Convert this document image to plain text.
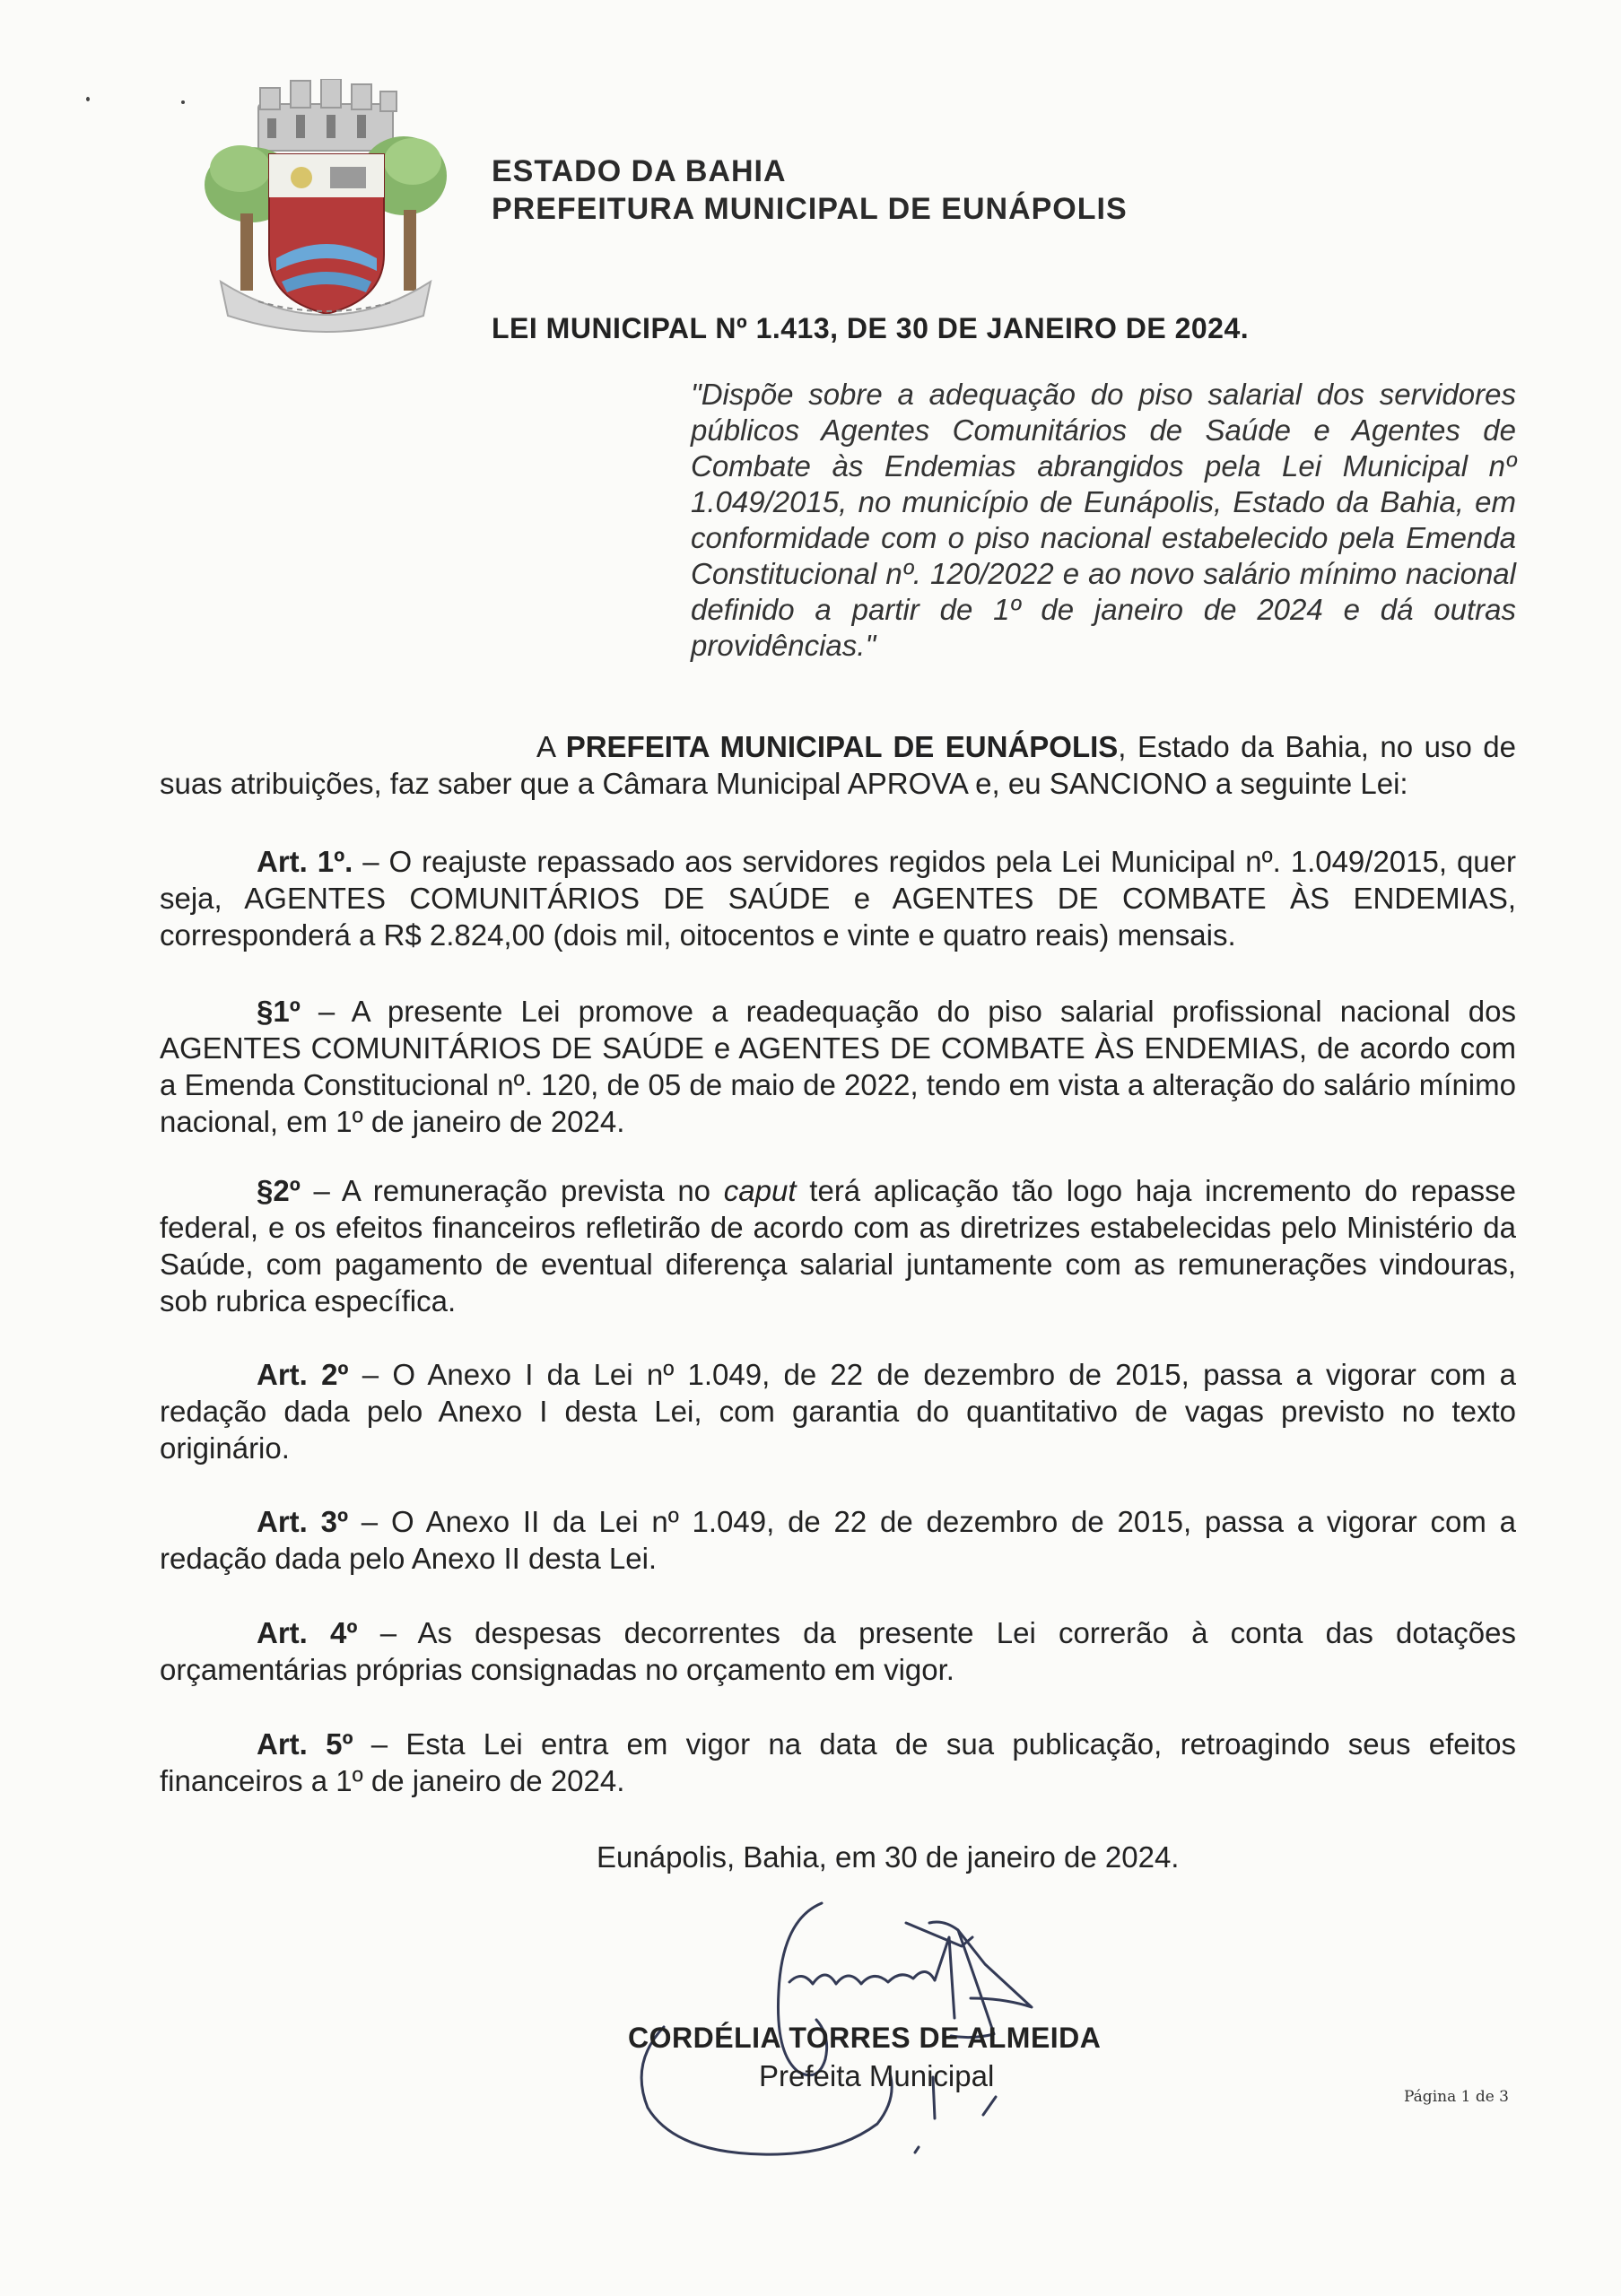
ESTADO DA BAHIA
PREFEITURA MUNICIPAL DE EUNÁPOLIS
LEI MUNICIPAL Nº 1.413, DE 30 DE JANEIRO DE 2024.
"Dispõe sobre a adequação do piso salarial dos servidores públicos Agentes Comunitários de Saúde e Agentes de Combate às Endemias abrangidos pela Lei Municipal nº 1.049/2015, no município de Eunápolis, Estado da Bahia, em conformidade com o piso nacional estabelecido pela Emenda Constitucional nº. 120/2022 e ao novo salário mínimo nacional definido a partir de 1º de janeiro de 2024 e dá outras providências."
A PREFEITA MUNICIPAL DE EUNÁPOLIS, Estado da Bahia, no uso de suas atribuições, faz saber que a Câmara Municipal APROVA e, eu SANCIONO a seguinte Lei:
Art. 1º. – O reajuste repassado aos servidores regidos pela Lei Municipal nº. 1.049/2015, quer seja, AGENTES COMUNITÁRIOS DE SAÚDE e AGENTES DE COMBATE ÀS ENDEMIAS, corresponderá a R$ 2.824,00 (dois mil, oitocentos e vinte e quatro reais) mensais.
§1º – A presente Lei promove a readequação do piso salarial profissional nacional dos AGENTES COMUNITÁRIOS DE SAÚDE e AGENTES DE COMBATE ÀS ENDEMIAS, de acordo com a Emenda Constitucional nº. 120, de 05 de maio de 2022, tendo em vista a alteração do salário mínimo nacional, em 1º de janeiro de 2024.
§2º – A remuneração prevista no caput terá aplicação tão logo haja incremento do repasse federal, e os efeitos financeiros refletirão de acordo com as diretrizes estabelecidas pelo Ministério da Saúde, com pagamento de eventual diferença salarial juntamente com as remunerações vindouras, sob rubrica específica.
Art. 2º – O Anexo I da Lei nº 1.049, de 22 de dezembro de 2015, passa a vigorar com a redação dada pelo Anexo I desta Lei, com garantia do quantitativo de vagas previsto no texto originário.
Art. 3º – O Anexo II da Lei nº 1.049, de 22 de dezembro de 2015, passa a vigorar com a redação dada pelo Anexo II desta Lei.
Art. 4º – As despesas decorrentes da presente Lei correrão à conta das dotações orçamentárias próprias consignadas no orçamento em vigor.
Art. 5º – Esta Lei entra em vigor na data de sua publicação, retroagindo seus efeitos financeiros a 1º de janeiro de 2024.
Eunápolis, Bahia, em 30 de janeiro de 2024.
CORDÉLIA TORRES DE ALMEIDA
Prefeita Municipal
Página 1 de 3
